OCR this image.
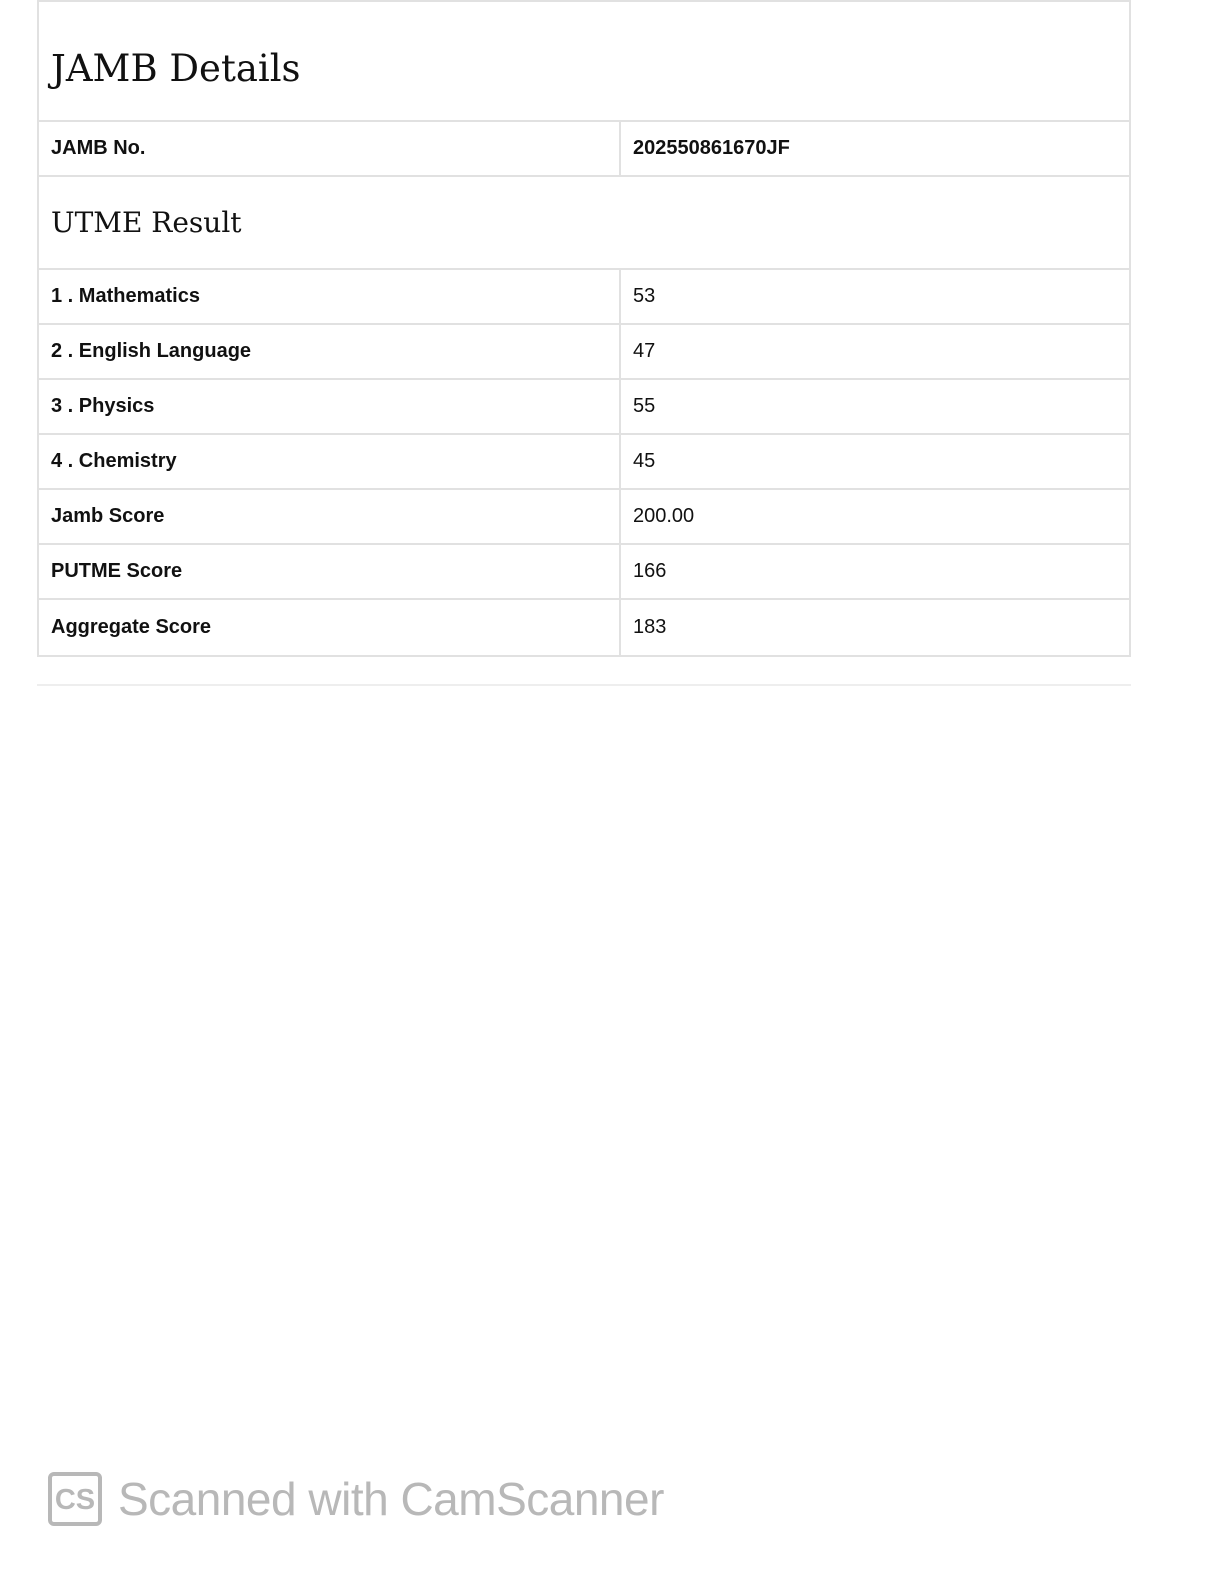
JAMB Details
JAMB No.	202550861670JF
UTME Result
1 . Mathematics	53
2 . English Language	47
3 . Physics	55
4 . Chemistry	45
Jamb Score	200.00
PUTME Score	166
Aggregate Score	183
CS Scanned with CamScanner
